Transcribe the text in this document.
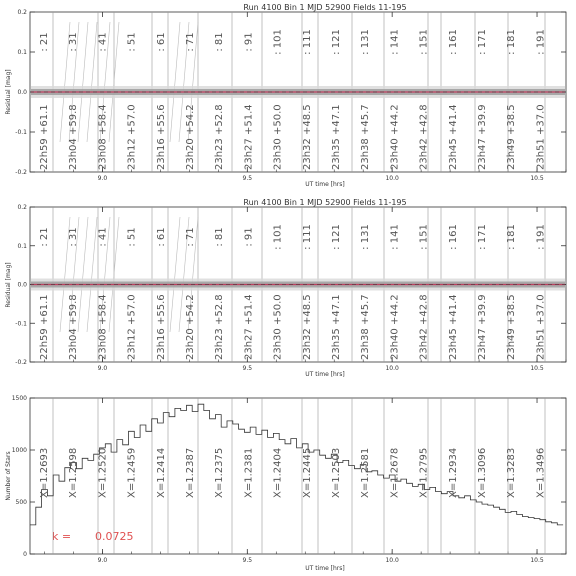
Run 4100 Bin 1 MJD 52900 Fields 11-195
UT time [hrs]
Residual [mag]
9.0	9.5	10.0	10.5
-0.2
-0.1
0.0
0.1
0.2
: 21
22h59 +61.1
: 31
23h04 +59.8
: 41
23h08 +58.4
: 51
23h12 +57.0
: 61
23h16 +55.6
: 71
23h20 +54.2
: 81
23h23 +52.8
: 91
23h27 +51.4
: 101
23h30 +50.0
: 111
23h32 +48.5
: 121
23h35 +47.1
: 131
23h38 +45.7
: 141
23h40 +44.2
: 151
23h42 +42.8
: 161
23h45 +41.4
: 171
23h47 +39.9
: 181
23h49 +38.5
: 191
23h51 +37.0
Run 4100 Bin 1 MJD 52900 Fields 11-195
UT time [hrs]
Residual [mag]
9.0	9.5	10.0	10.5
-0.2
-0.1
0.0
0.1
0.2
: 21
22h59 +61.1
: 31
23h04 +59.8
: 41
23h08 +58.4
: 51
23h12 +57.0
: 61
23h16 +55.6
: 71
23h20 +54.2
: 81
23h23 +52.8
: 91
23h27 +51.4
: 101
23h30 +50.0
: 111
23h32 +48.5
: 121
23h35 +47.1
: 131
23h38 +45.7
: 141
23h40 +44.2
: 151
23h42 +42.8
: 161
23h45 +41.4
: 171
23h47 +39.9
: 181
23h49 +38.5
: 191
23h51 +37.0
UT time [hrs]
Number of Stars
k = 0.0725
9.0	9.5	10.0	10.5
0
500
1000
1500
X=1.2693 X=1.2598 X=1.2520 X=1.2459 X=1.2414 X=1.2387 X=1.2375 X=1.2381 X=1.2404 X=1.2445 X=1.2503 X=1.2581 X=1.2678 X=1.2795 X=1.2934 X=1.3096 X=1.3283 X=1.3496
